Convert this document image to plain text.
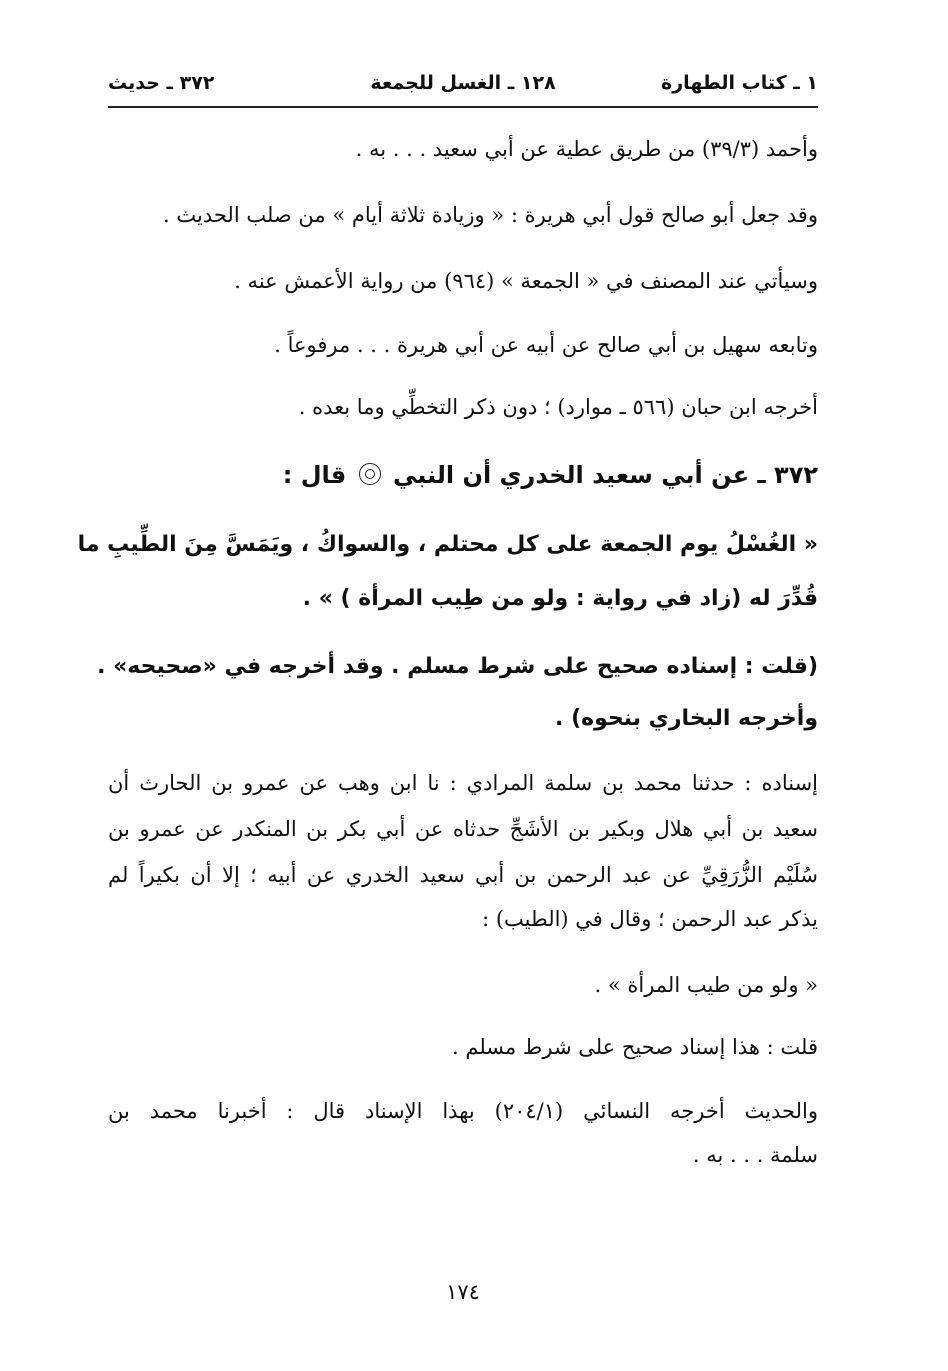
١ ـ كتاب الطهارة
١٢٨ ـ الغسل للجمعة
٣٧٢ ـ حديث
وأحمد (٣٩/٣) من طريق عطية عن أبي سعيد . . . به .
وقد جعل أبو صالح قول أبي هريرة : « وزيادة ثلاثة أيام » من صلب الحديث .
وسيأتي عند المصنف في « الجمعة » (٩٦٤) من رواية الأعمش عنه .
وتابعه سهيل بن أبي صالح عن أبيه عن أبي هريرة . . . مرفوعاً .
أخرجه ابن حبان (٥٦٦ ـ موارد) ؛ دون ذكر التخطِّي وما بعده .
٣٧٢ ـ عن أبي سعيد الخدري أن النبي  قال :
« الغُسْلُ يوم الجمعة على كل محتلم ، والسواكُ ، ويَمَسَّ مِنَ الطِّيبِ ما
قُدِّرَ له (زاد في رواية : ولو من طِيب المرأة ) » .
(قلت : إسناده صحيح على شرط مسلم . وقد أخرجه في «صحيحه» .
وأخرجه البخاري بنحوه) .
إسناده : حدثنا محمد بن سلمة المرادي : نا ابن وهب عن عمرو بن الحارث أن
سعيد بن أبي هلال وبكير بن الأشَجِّ حدثاه عن أبي بكر بن المنكدر عن عمرو بن
سُلَيْم الزُّرَقِيِّ عن عبد الرحمن بن أبي سعيد الخدري عن أبيه ؛ إلا أن بكيراً لم
يذكر عبد الرحمن ؛ وقال في (الطيب) :
« ولو من طيب المرأة » .
قلت : هذا إسناد صحيح على شرط مسلم .
والحديث أخرجه النسائي (٢٠٤/١) بهذا الإسناد قال : أخبرنا محمد بن
سلمة . . . به .
١٧٤
